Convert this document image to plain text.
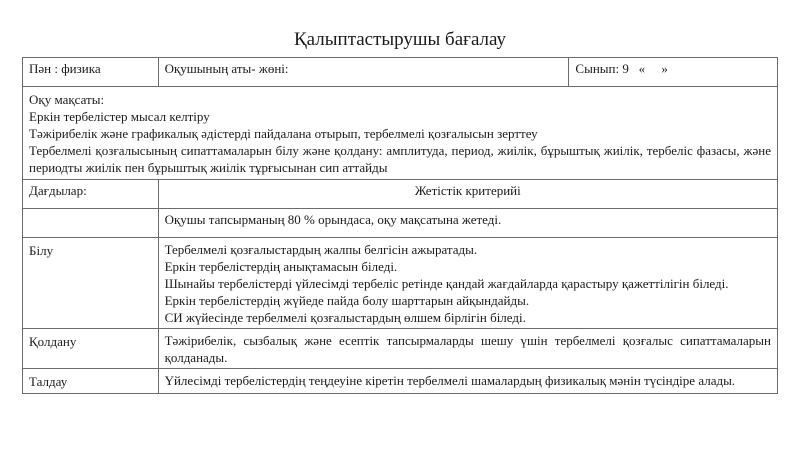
Қалыптастырушы бағалау
Пән : физика	Оқушының аты- жөні:	Сынып: 9   «     »

Оқу мақсаты:
Еркін тербелістер мысал келтіру
Тәжірибелік және графикалық әдістерді пайдалана отырып, тербелмелі қозғалысын зерттеу
Тербелмелі қозғалысының сипаттамаларын білу және қолдану: амплитуда, период, жиілік, бұрыштық жиілік, тербеліс фазасы, және периодты жиілік пен бұрыштық жиілік тұрғысынан сип аттайды		

Дағдылар:	Жетістік критерийі	
	Оқушы тапсырманың 80 % орындаса, оқу мақсатына жетеді.	
Білу	Тербелмелі қозғалыстардың жалпы белгісін ажыратады.
Еркін тербелістердің анықтамасын біледі.
Шынайы тербелістерді үйлесімді тербеліс ретінде қандай жағдайларда қарастыру қажеттілігін біледі.
Еркін тербелістердің жүйеде пайда болу шарттарын айқындайды.
СИ жүйесінде тербелмелі қозғалыстардың өлшем бірлігін біледі.	

Қолдану	Тәжірибелік, сызбалық және есептік тапсырмаларды шешу үшін тербелмелі қозғалыс сипаттамаларын қолданады.	

Талдау	Үйлесімді тербелістердің теңдеуіне кіретін тербелмелі шамалардың физикалық мәнін түсіндіре алады.	
